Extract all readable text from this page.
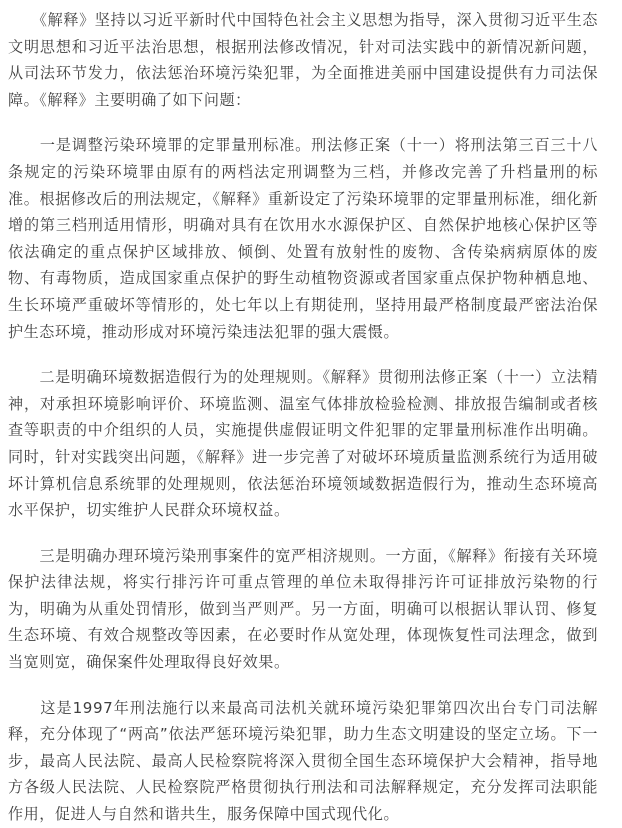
　　《解释》坚持以习近平新时代中国特色社会主义思想为指导，深入贯彻习近平生态文明思想和习近平法治思想，根据刑法修改情况，针对司法实践中的新情况新问题，从司法环节发力，依法惩治环境污染犯罪，为全面推进美丽中国建设提供有力司法保障。《解释》主要明确了如下问题：

　　一是调整污染环境罪的定罪量刑标准。刑法修正案（十一）将刑法第三百三十八条规定的污染环境罪由原有的两档法定刑调整为三档，并修改完善了升档量刑的标准。根据修改后的刑法规定，《解释》重新设定了污染环境罪的定罪量刑标准，细化新增的第三档刑适用情形，明确对具有在饮用水水源保护区、自然保护地核心保护区等依法确定的重点保护区域排放、倾倒、处置有放射性的废物、含传染病病原体的废物、有毒物质，造成国家重点保护的野生动植物资源或者国家重点保护物种栖息地、生长环境严重破坏等情形的，处七年以上有期徒刑，坚持用最严格制度最严密法治保护生态环境，推动形成对环境污染违法犯罪的强大震慑。

　　二是明确环境数据造假行为的处理规则。《解释》贯彻刑法修正案（十一）立法精神，对承担环境影响评价、环境监测、温室气体排放检验检测、排放报告编制或者核查等职责的中介组织的人员，实施提供虚假证明文件犯罪的定罪量刑标准作出明确。同时，针对实践突出问题，《解释》进一步完善了对破坏环境质量监测系统行为适用破坏计算机信息系统罪的处理规则，依法惩治环境领域数据造假行为，推动生态环境高水平保护，切实维护人民群众环境权益。

　　三是明确办理环境污染刑事案件的宽严相济规则。一方面，《解释》衔接有关环境保护法律法规，将实行排污许可重点管理的单位未取得排污许可证排放污染物的行为，明确为从重处罚情形，做到当严则严。另一方面，明确可以根据认罪认罚、修复生态环境、有效合规整改等因素，在必要时作从宽处理，体现恢复性司法理念，做到当宽则宽，确保案件处理取得良好效果。

　　这是1997年刑法施行以来最高司法机关就环境污染犯罪第四次出台专门司法解释，充分体现了“两高”依法严惩环境污染犯罪，助力生态文明建设的坚定立场。下一步，最高人民法院、最高人民检察院将深入贯彻全国生态环境保护大会精神，指导地方各级人民法院、人民检察院严格贯彻执行刑法和司法解释规定，充分发挥司法职能作用，促进人与自然和谐共生，服务保障中国式现代化。
